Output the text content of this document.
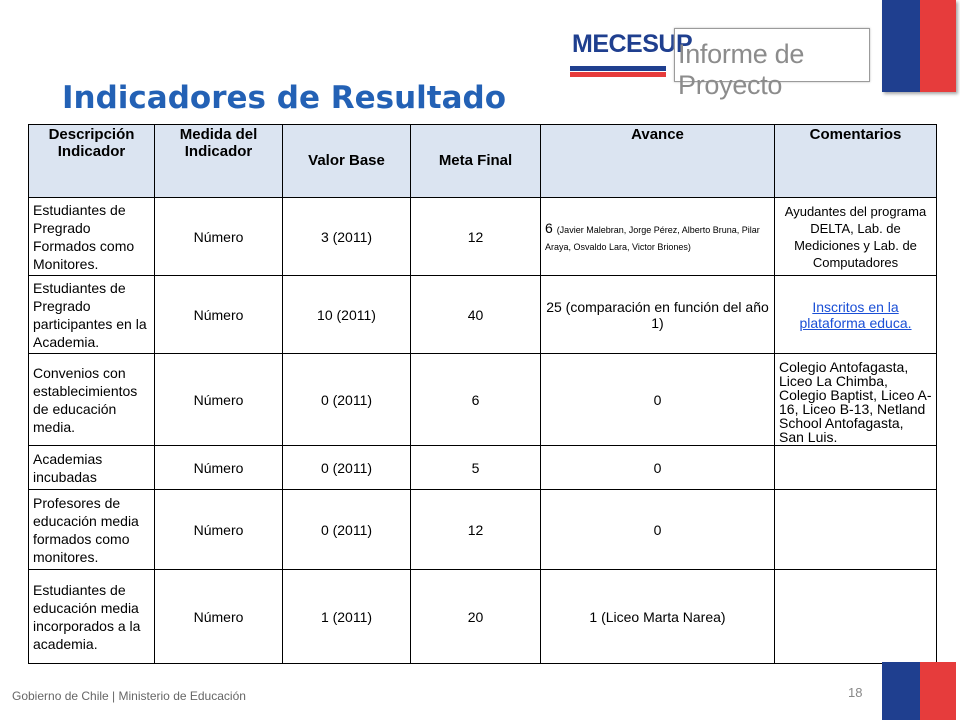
MECESUP
Informe de Proyecto
Indicadores de Resultado
Descripción Indicador	Medida del Indicador	Valor Base	Meta Final	Avance	Comentarios
Estudiantes de Pregrado Formados como Monitores.	Número	3 (2011)	12	6 (Javier Malebran, Jorge Pérez, Alberto Bruna, Pilar Araya, Osvaldo Lara, Victor Briones)	Ayudantes del programa DELTA, Lab. de Mediciones y Lab. de Computadores
Estudiantes de Pregrado participantes en la Academia.	Número	10 (2011)	40	25 (comparación en función del año 1)	Inscritos en la plataforma educa.
Convenios con establecimientos de educación media.	Número	0 (2011)	6	0	Colegio Antofagasta, Liceo La Chimba, Colegio Baptist, Liceo A-16, Liceo B-13, Netland School Antofagasta, San Luis.
Academias incubadas	Número	0 (2011)	5	0	
Profesores de educación media formados como monitores.	Número	0 (2011)	12	0	
Estudiantes de educación media incorporados a la academia.	Número	1 (2011)	20	1 (Liceo Marta Narea)	
Gobierno de Chile | Ministerio de Educación	18
